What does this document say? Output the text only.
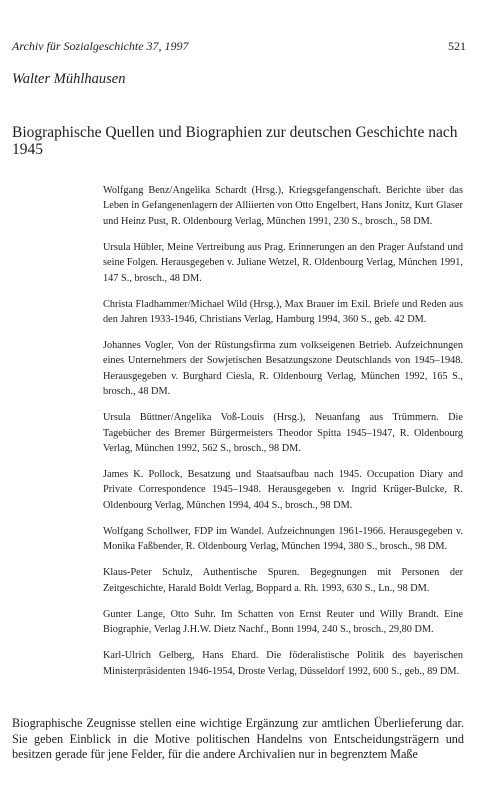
Archiv für Sozialgeschichte 37, 1997	521
Walter Mühlhausen
Biographische Quellen und Biographien zur deutschen Geschichte nach 1945

Wolfgang Benz/Angelika Schardt (Hrsg.), Kriegsgefangenschaft. Berichte über das Leben in Gefangenenlagern der Alliierten von Otto Engelbert, Hans Jonitz, Kurt Glaser und Heinz Pust, R. Oldenbourg Verlag, München 1991, 230 S., brosch., 58 DM.

Ursula Hübler, Meine Vertreibung aus Prag. Erinnerungen an den Prager Aufstand und seine Folgen. Herausgegeben v. Juliane Wetzel, R. Oldenbourg Verlag, München 1991, 147 S., brosch., 48 DM.

Christa Fladhammer/Michael Wild (Hrsg.), Max Brauer im Exil. Briefe und Reden aus den Jahren 1933-1946, Christians Verlag, Hamburg 1994, 360 S., geb. 42 DM.

Johannes Vogler, Von der Rüstungsfirma zum volkseigenen Betrieb. Aufzeichnungen eines Unternehmers der Sowjetischen Besatzungszone Deutschlands von 1945–1948. Herausgegeben v. Burghard Ciesla, R. Oldenbourg Verlag, München 1992, 165 S., brosch., 48 DM.

Ursula Büttner/Angelika Voß-Louis (Hrsg.), Neuanfang aus Trümmern. Die Tagebücher des Bremer Bürgermeisters Theodor Spitta 1945–1947, R. Oldenbourg Verlag, München 1992, 562 S., brosch., 98 DM.

James K. Pollock, Besatzung und Staatsaufbau nach 1945. Occupation Diary and Private Correspondence 1945–1948. Herausgegeben v. Ingrid Krüger-Bulcke, R. Oldenbourg Verlag, München 1994, 404 S., brosch., 98 DM.

Wolfgang Schollwer, FDP im Wandel. Aufzeichnungen 1961-1966. Herausgegeben v. Monika Faßbender, R. Oldenbourg Verlag, München 1994, 380 S., brosch., 98 DM.

Klaus-Peter Schulz, Authentische Spuren. Begegnungen mit Personen der Zeitgeschichte, Harald Boldt Verlag, Boppard a. Rh. 1993, 630 S., Ln., 98 DM.

Gunter Lange, Otto Suhr. Im Schatten von Ernst Reuter und Willy Brandt. Eine Biographie, Verlag J.H.W. Dietz Nachf., Bonn 1994, 240 S., brosch., 29,80 DM.

Karl-Ulrich Gelberg, Hans Ehard. Die föderalistische Politik des bayerischen Ministerpräsidenten 1946-1954, Droste Verlag, Düsseldorf 1992, 600 S., geb., 89 DM.

Biographische Zeugnisse stellen eine wichtige Ergänzung zur amtlichen Überlieferung dar. Sie geben Einblick in die Motive politischen Handelns von Entscheidungsträgern und besitzen gerade für jene Felder, für die andere Archivalien nur in begrenztem Maße
